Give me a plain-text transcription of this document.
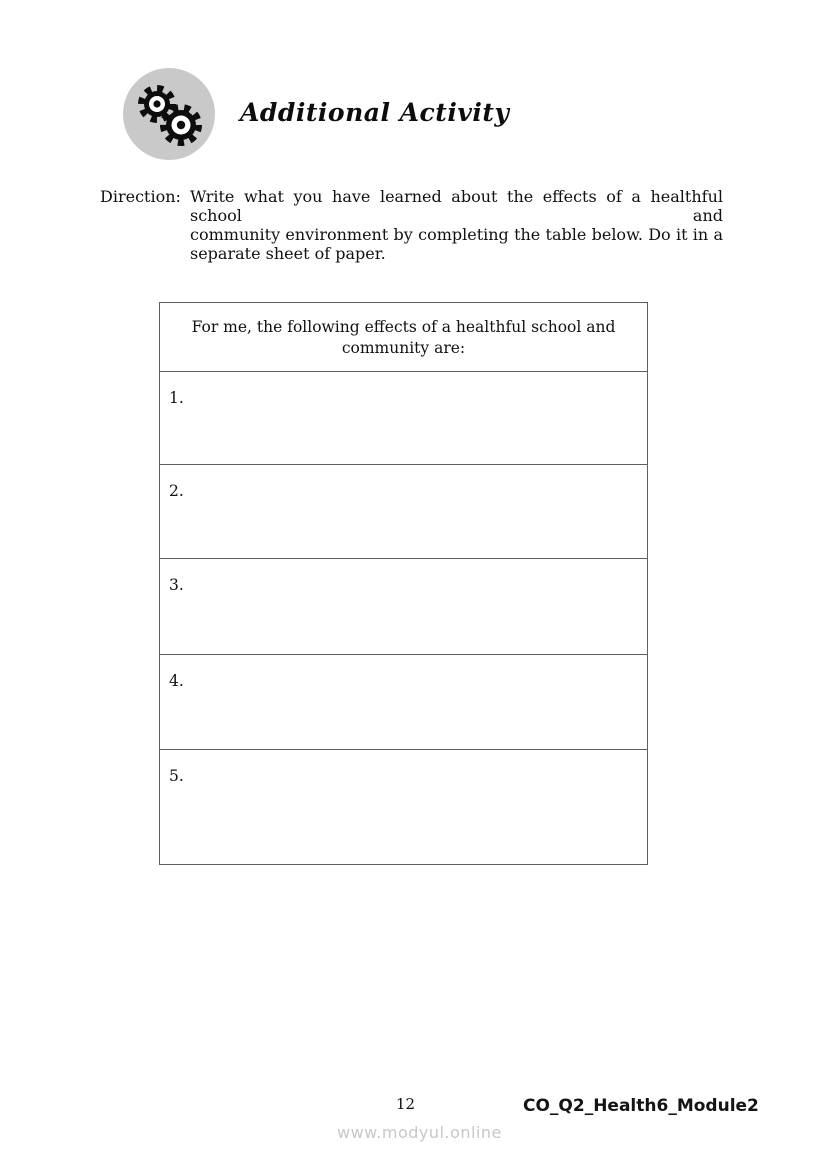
Additional Activity
Direction: Write what you have learned about the effects of a healthful school and
community environment by completing the table below. Do it in a
separate sheet of paper.
For me, the following effects of a healthful school and community are:
1.
2.
3.
4.
5.
12	CO_Q2_Health6_Module2
www.modyul.online
